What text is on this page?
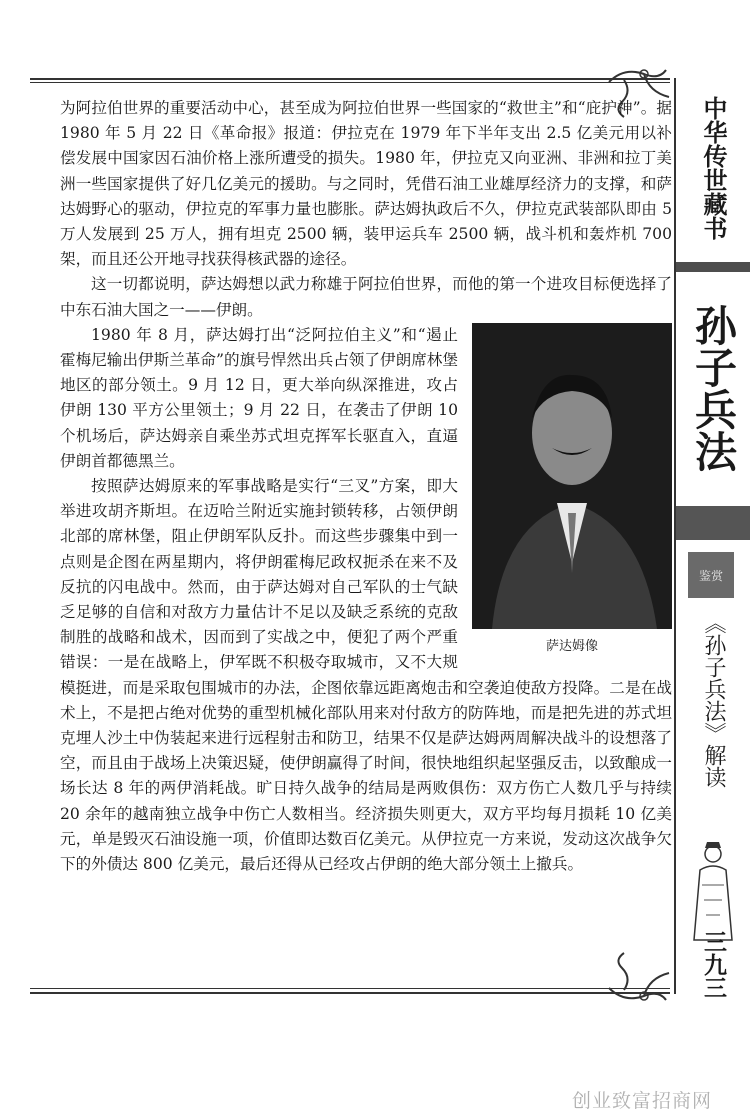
为阿拉伯世界的重要活动中心，甚至成为阿拉伯世界一些国家的“救世主”和“庇护神”。据 1980 年 5 月 22 日《革命报》报道：伊拉克在 1979 年下半年支出 2.5 亿美元用以补偿发展中国家因石油价格上涨所遭受的损失。1980 年，伊拉克又向亚洲、非洲和拉丁美洲一些国家提供了好几亿美元的援助。与之同时，凭借石油工业雄厚经济力的支撑，和萨达姆野心的驱动，伊拉克的军事力量也膨胀。萨达姆执政后不久，伊拉克武装部队即由 5 万人发展到 25 万人，拥有坦克 2500 辆，装甲运兵车 2500 辆，战斗机和轰炸机 700 架，而且还公开地寻找获得核武器的途径。

这一切都说明，萨达姆想以武力称雄于阿拉伯世界，而他的第一个进攻目标便选择了中东石油大国之一——伊朗。

萨达姆像

1980 年 8 月，萨达姆打出“泛阿拉伯主义”和“遏止霍梅尼输出伊斯兰革命”的旗号悍然出兵占领了伊朗席林堡地区的部分领土。9 月 12 日，更大举向纵深推进，攻占伊朗 130 平方公里领土；9 月 22 日，在袭击了伊朗 10 个机场后，萨达姆亲自乘坐苏式坦克挥军长驱直入，直逼伊朗首都德黑兰。

按照萨达姆原来的军事战略是实行“三叉”方案，即大举进攻胡齐斯坦。在迈哈兰附近实施封锁转移，占领伊朗北部的席林堡，阻止伊朗军队反扑。而这些步骤集中到一点则是企图在两星期内，将伊朗霍梅尼政权扼杀在来不及反抗的闪电战中。然而，由于萨达姆对自己军队的士气缺乏足够的自信和对敌方力量估计不足以及缺乏系统的克敌制胜的战略和战术，因而到了实战之中，便犯了两个严重错误：一是在战略上，伊军既不积极夺取城市，又不大规模挺进，而是采取包围城市的办法，企图依靠远距离炮击和空袭迫使敌方投降。二是在战术上，不是把占绝对优势的重型机械化部队用来对付敌方的防阵地，而是把先进的苏式坦克埋人沙土中伪装起来进行远程射击和防卫，结果不仅是萨达姆两周解决战斗的设想落了空，而且由于战场上决策迟疑，使伊朗赢得了时间，很快地组织起坚强反击，以致酿成一场长达 8 年的两伊消耗战。旷日持久战争的结局是两败俱伤：双方伤亡人数几乎与持续 20 余年的越南独立战争中伤亡人数相当。经济损失则更大，双方平均每月损耗 10 亿美元，单是毁灭石油设施一项，价值即达数百亿美元。从伊拉克一方来说，发动这次战争欠下的外债达 800 亿美元，最后还得从已经攻占伊朗的绝大部分领土上撤兵。

中华传世藏书
孙子兵法
鉴赏
《孙子兵法》解读
三九三
创业致富招商网
